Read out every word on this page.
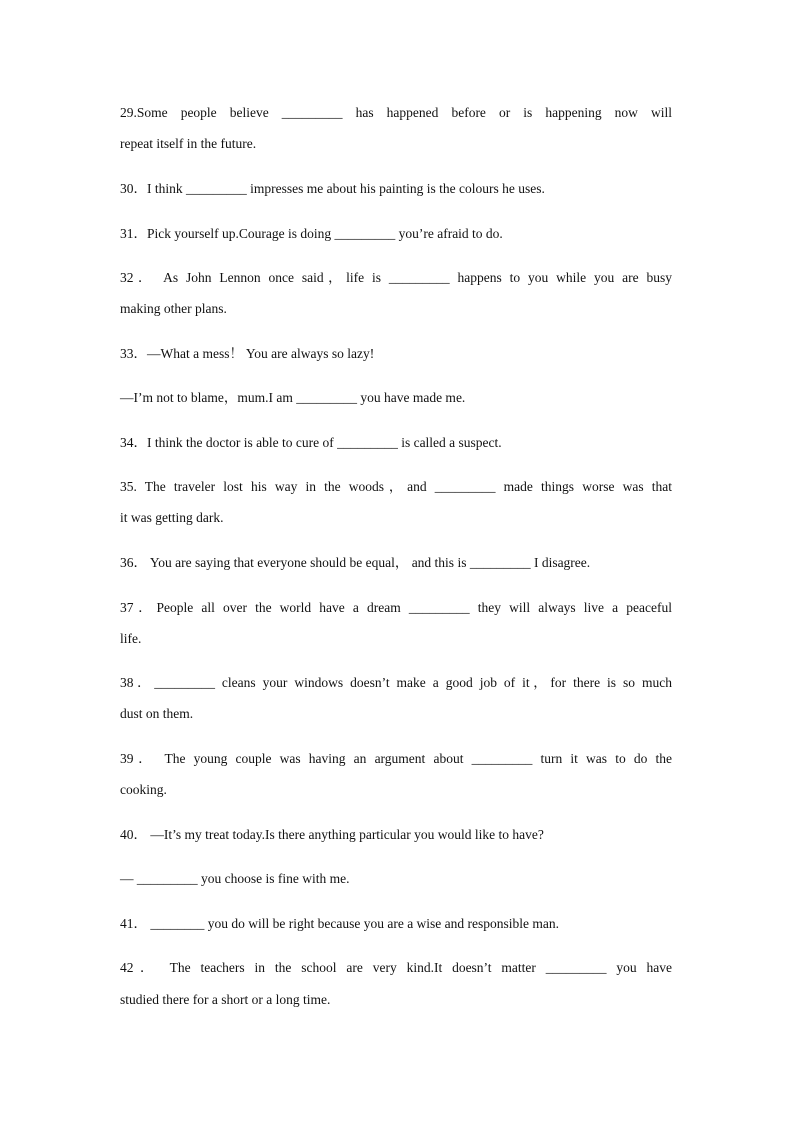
29.Some people believe _________ has happened before or is happening now will
repeat itself in the future.
30．I think _________ impresses me about his painting is the colours he uses.
31．Pick yourself up.Courage is doing _________ you’re afraid to do.
32． As John Lennon once said，life is _________ happens to you while you are busy
making other plans.
33．—What a mess！ You are always so lazy!
—I’m not to blame，mum.I am _________ you have made me.
34．I think the doctor is able to cure of _________ is called a suspect.
35. The traveler lost his way in the woods，and _________ made things worse was that
it was getting dark.
36． You are saying that everyone should be equal， and this is _________ I disagree.
37．People all over the world have a dream _________ they will always live a peaceful
life.
38．_________ cleans your windows doesn’t make a good job of it，for there is so much
dust on them.
39． The young couple was having an argument about _________ turn it was to do the
cooking.
40． —It’s my treat today.Is there anything particular you would like to have?
— _________ you choose is fine with me.
41． ________ you do will be right because you are a wise and responsible man.
42． The teachers in the school are very kind.It doesn’t matter _________ you have
studied there for a short or a long time.
